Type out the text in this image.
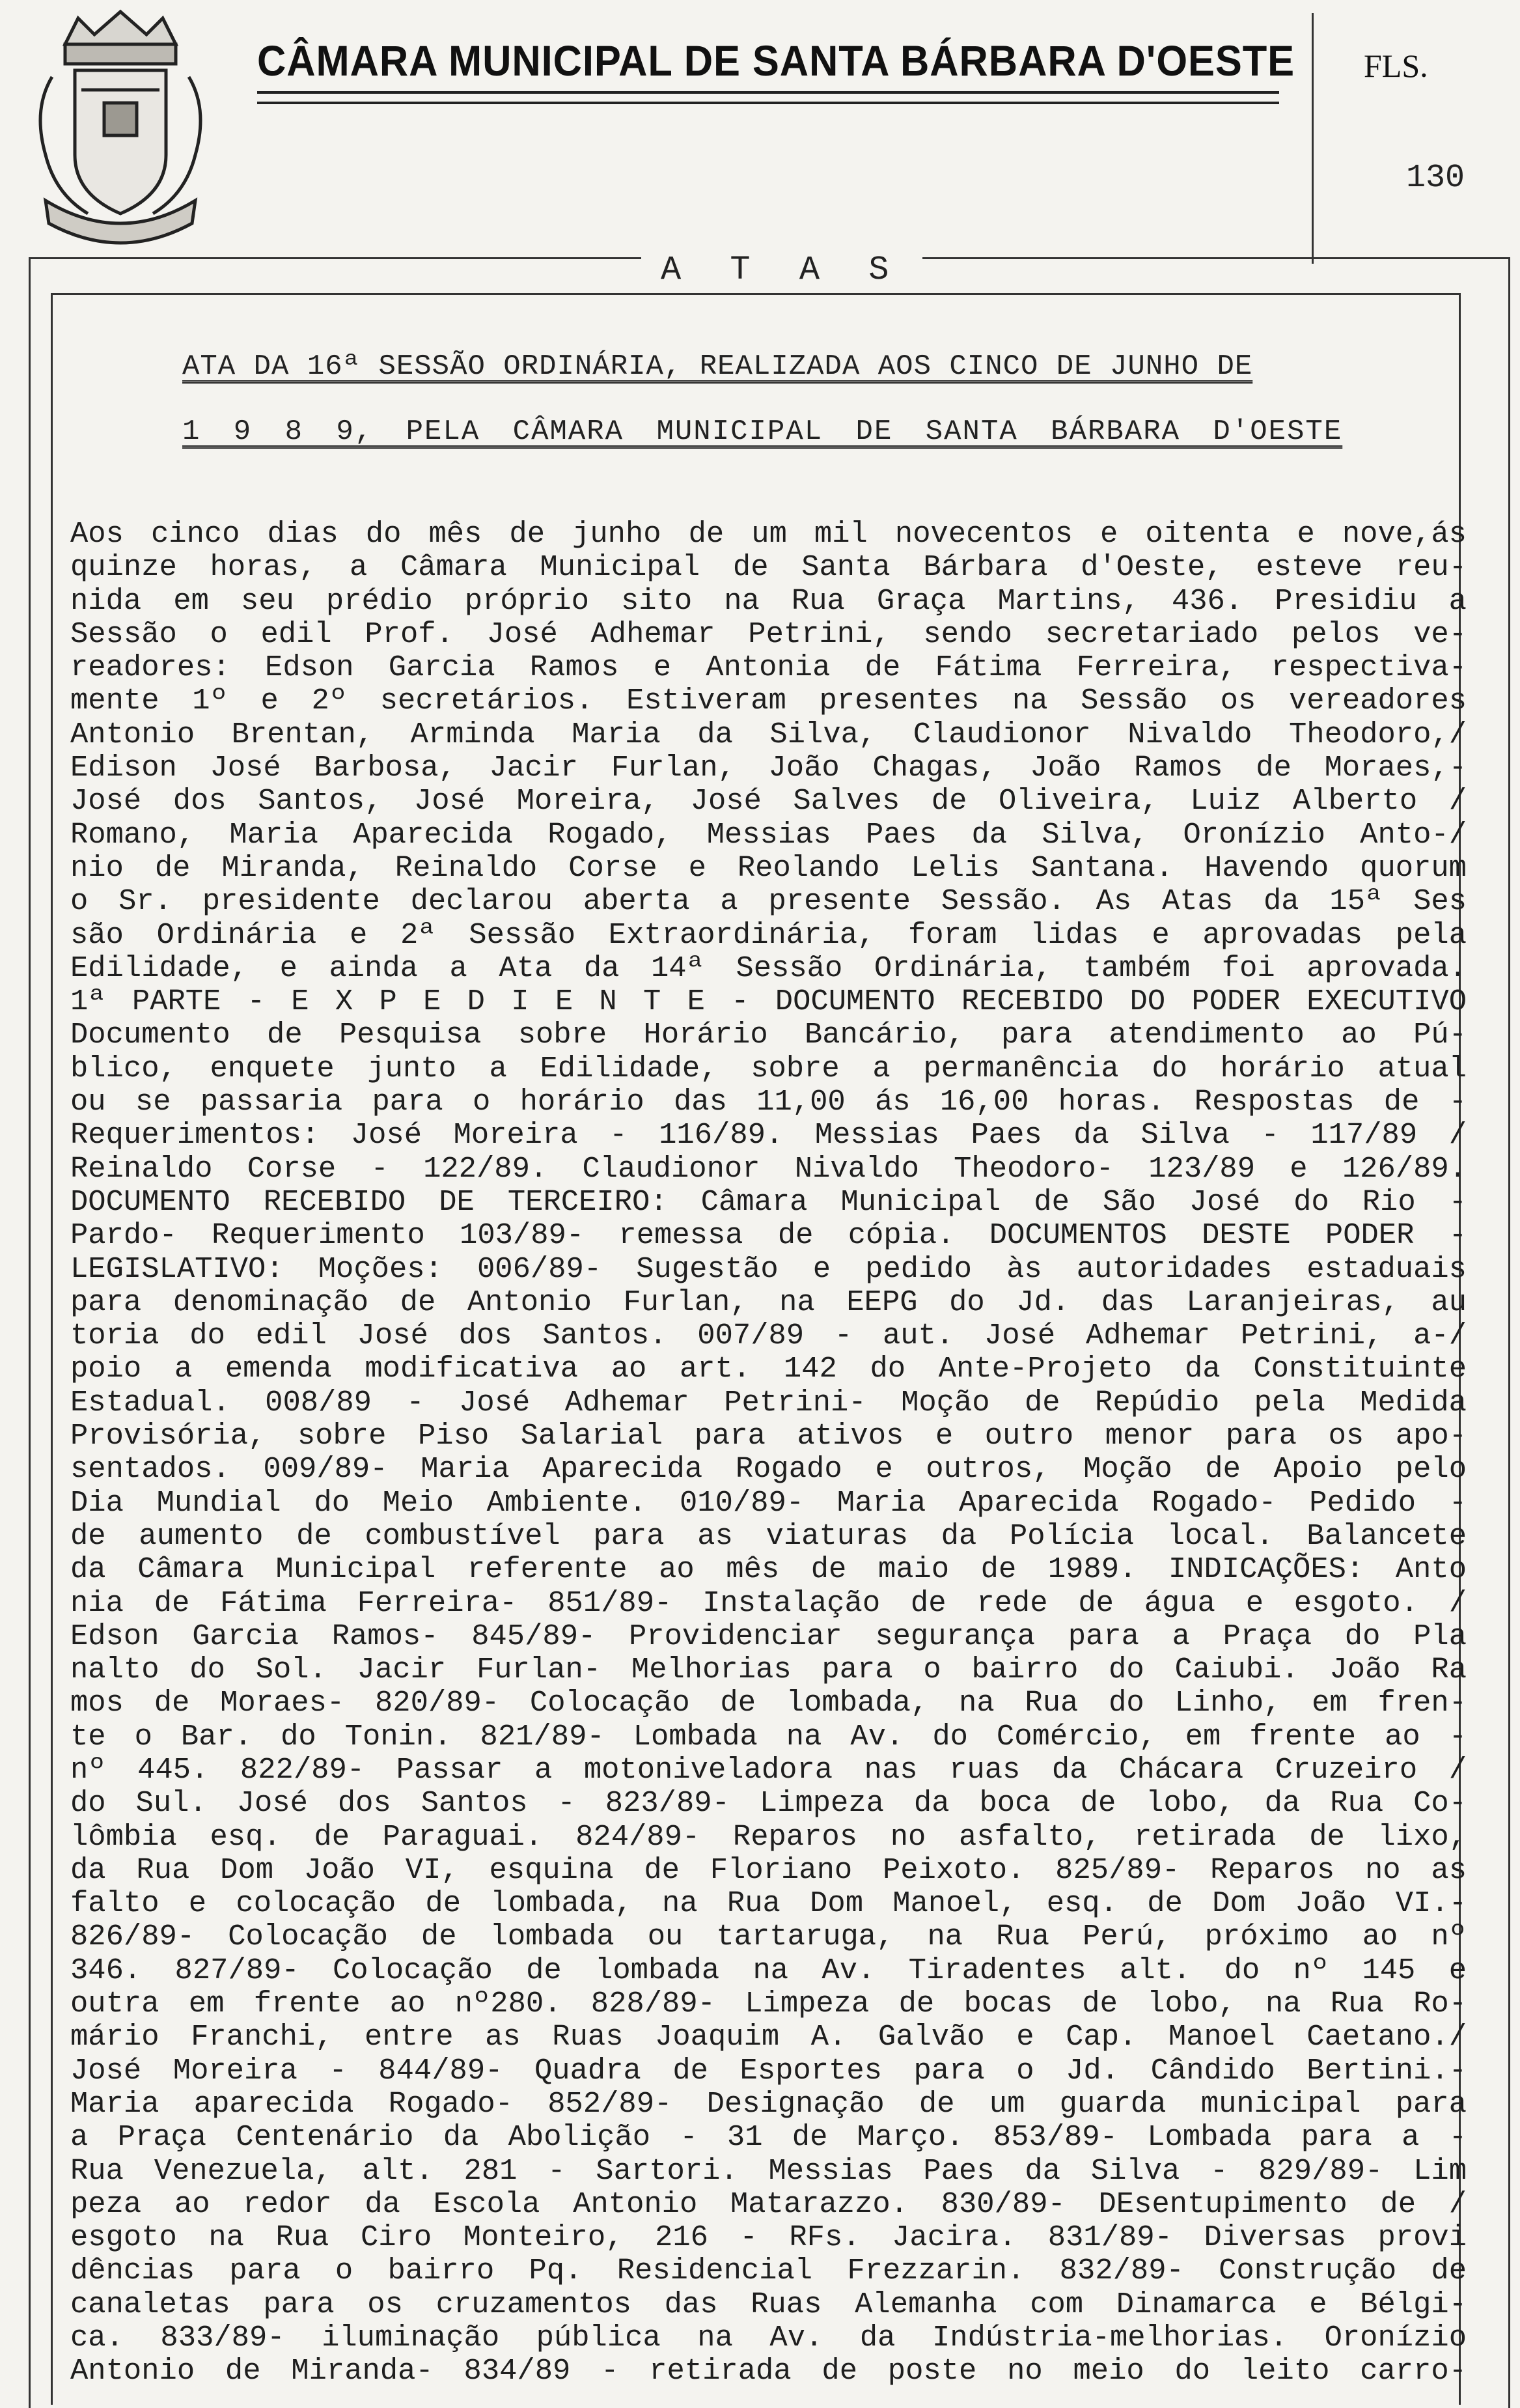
CÂMARA MUNICIPAL DE SANTA BÁRBARA D'OESTE FLS.
130
A T A S
ATA DA 16ª SESSÃO ORDINÁRIA, REALIZADA AOS CINCO DE JUNHO DE
1 9 8 9, PELA CÂMARA MUNICIPAL DE SANTA BÁRBARA D'OESTE
Aos cinco dias do mês de junho de um mil novecentos e oitenta e nove,ás
quinze horas, a Câmara Municipal de Santa Bárbara d'Oeste, esteve reu-
nida em seu prédio próprio sito na Rua Graça Martins, 436. Presidiu a
Sessão o edil Prof. José Adhemar Petrini, sendo secretariado pelos ve-
readores: Edson Garcia Ramos e Antonia de Fátima Ferreira, respectiva-
mente 1º e 2º secretários. Estiveram presentes na Sessão os vereadores
Antonio Brentan, Arminda Maria da Silva, Claudionor Nivaldo Theodoro,/
Edison José Barbosa, Jacir Furlan, João Chagas, João Ramos de Moraes,-
José dos Santos, José Moreira, José Salves de Oliveira, Luiz Alberto /
Romano, Maria Aparecida Rogado, Messias Paes da Silva, Oronízio Anto-/
nio de Miranda, Reinaldo Corse e Reolando Lelis Santana. Havendo quorum
o Sr. presidente declarou aberta a presente Sessão. As Atas da 15ª Ses
são Ordinária e 2ª Sessão Extraordinária, foram lidas e aprovadas pela
Edilidade, e ainda a Ata da 14ª Sessão Ordinária, também foi aprovada.
1ª PARTE - E X P E D I E N T E - DOCUMENTO RECEBIDO DO PODER EXECUTIVO
Documento de Pesquisa sobre Horário Bancário, para atendimento ao Pú-
blico, enquete junto a Edilidade, sobre a permanência do horário atual
ou se passaria para o horário das 11,00 ás 16,00 horas. Respostas de -
Requerimentos: José Moreira - 116/89. Messias Paes da Silva - 117/89 /
Reinaldo Corse - 122/89. Claudionor Nivaldo Theodoro- 123/89 e 126/89.
DOCUMENTO RECEBIDO DE TERCEIRO: Câmara Municipal de São José do Rio -
Pardo- Requerimento 103/89- remessa de cópia. DOCUMENTOS DESTE PODER -
LEGISLATIVO: Moções: 006/89- Sugestão e pedido às autoridades estaduais
para denominação de Antonio Furlan, na EEPG do Jd. das Laranjeiras, au
toria do edil José dos Santos. 007/89 - aut. José Adhemar Petrini, a-/
poio a emenda modificativa ao art. 142 do Ante-Projeto da Constituinte
Estadual. 008/89 - José Adhemar Petrini- Moção de Repúdio pela Medida
Provisória, sobre Piso Salarial para ativos e outro menor para os apo-
sentados. 009/89- Maria Aparecida Rogado e outros, Moção de Apoio pelo
Dia Mundial do Meio Ambiente. 010/89- Maria Aparecida Rogado- Pedido -
de aumento de combustível para as viaturas da Polícia local. Balancete
da Câmara Municipal referente ao mês de maio de 1989. INDICAÇÕES: Anto
nia de Fátima Ferreira- 851/89- Instalação de rede de água e esgoto. /
Edson Garcia Ramos- 845/89- Providenciar segurança para a Praça do Pla
nalto do Sol. Jacir Furlan- Melhorias para o bairro do Caiubi. João Ra
mos de Moraes- 820/89- Colocação de lombada, na Rua do Linho, em fren-
te o Bar. do Tonin. 821/89- Lombada na Av. do Comércio, em frente ao -
nº 445. 822/89- Passar a motoniveladora nas ruas da Chácara Cruzeiro /
do Sul. José dos Santos - 823/89- Limpeza da boca de lobo, da Rua Co-
lômbia esq. de Paraguai. 824/89- Reparos no asfalto, retirada de lixo,
da Rua Dom João VI, esquina de Floriano Peixoto. 825/89- Reparos no as
falto e colocação de lombada, na Rua Dom Manoel, esq. de Dom João VI.-
826/89- Colocação de lombada ou tartaruga, na Rua Perú, próximo ao nº
346. 827/89- Colocação de lombada na Av. Tiradentes alt. do nº 145 e
outra em frente ao nº280. 828/89- Limpeza de bocas de lobo, na Rua Ro-
mário Franchi, entre as Ruas Joaquim A. Galvão e Cap. Manoel Caetano./
José Moreira - 844/89- Quadra de Esportes para o Jd. Cândido Bertini.-
Maria aparecida Rogado- 852/89- Designação de um guarda municipal para
a Praça Centenário da Abolição - 31 de Março. 853/89- Lombada para a -
Rua Venezuela, alt. 281 - Sartori. Messias Paes da Silva - 829/89- Lim
peza ao redor da Escola Antonio Matarazzo. 830/89- DEsentupimento de /
esgoto na Rua Ciro Monteiro, 216 - RFs. Jacira. 831/89- Diversas provi
dências para o bairro Pq. Residencial Frezzarin. 832/89- Construção de
canaletas para os cruzamentos das Ruas Alemanha com Dinamarca e Bélgi-
ca. 833/89- iluminação pública na Av. da Indústria-melhorias. Oronízio
Antonio de Miranda- 834/89 - retirada de poste no meio do leito carro-
